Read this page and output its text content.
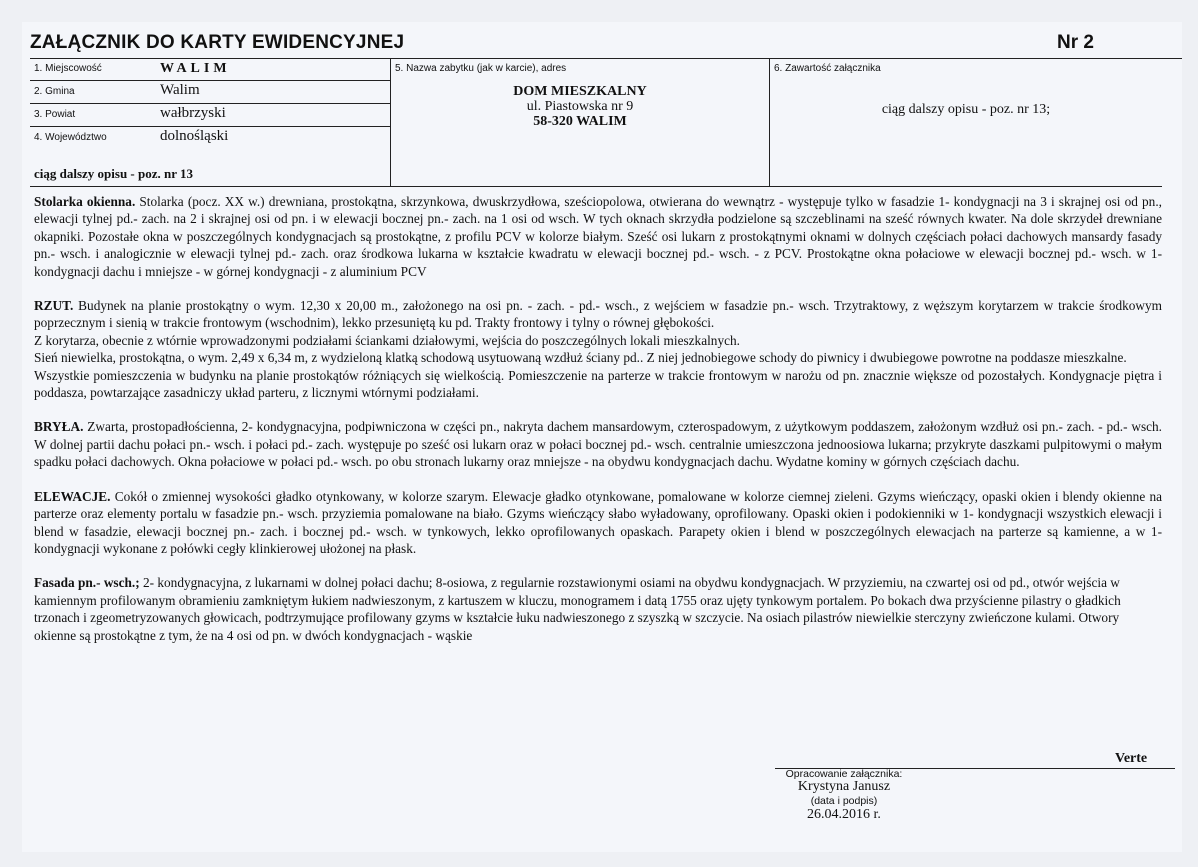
ZAŁĄCZNIK DO KARTY EWIDENCYJNEJ	Nr 2
1. Miejscowość	WALIM
2. Gmina	Walim
3. Powiat	wałbrzyski
4. Województwo	dolnośląski
5. Nazwa zabytku (jak w karcie), adres
DOM MIESZKALNY
ul. Piastowska nr 9
58-320 WALIM
6. Zawartość załącznika
ciąg dalszy opisu - poz. nr 13;
ciąg dalszy opisu - poz. nr 13

Stolarka okienna. Stolarka (pocz. XX w.) drewniana, prostokątna, skrzynkowa, dwuskrzydłowa, sześciopolowa, otwierana do wewnątrz - występuje tylko w fasadzie 1- kondygnacji na 3 i skrajnej osi od pn., elewacji tylnej pd.- zach. na 2 i skrajnej osi od pn. i w elewacji bocznej pn.- zach. na 1 osi od wsch. W tych oknach skrzydła podzielone są szczeblinami na sześć równych kwater. Na dole skrzydeł drewniane okapniki. Pozostałe okna w poszczególnych kondygnacjach są prostokątne, z profilu PCV w kolorze białym. Sześć osi lukarn z prostokątnymi oknami w dolnych częściach połaci dachowych mansardy fasady pn.- wsch. i analogicznie w elewacji tylnej pd.- zach. oraz środkowa lukarna w kształcie kwadratu w elewacji bocznej pd.- wsch. - z PCV. Prostokątne okna połaciowe w elewacji bocznej pd.- wsch. w 1- kondygnacji dachu i mniejsze - w górnej kondygnacji - z aluminium PCV

RZUT. Budynek na planie prostokątny o wym. 12,30 x 20,00 m., założonego na osi pn. - zach. - pd.- wsch., z wejściem w fasadzie pn.- wsch. Trzytraktowy, z węższym korytarzem w trakcie środkowym poprzecznym i sienią w trakcie frontowym (wschodnim), lekko przesuniętą ku pd. Trakty frontowy i tylny o równej głębokości.
Z korytarza, obecnie z wtórnie wprowadzonymi podziałami ściankami działowymi, wejścia do poszczególnych lokali mieszkalnych.
Sień niewielka, prostokątna, o wym. 2,49 x 6,34 m, z wydzieloną klatką schodową usytuowaną wzdłuż ściany pd.. Z niej jednobiegowe schody do piwnicy i dwubiegowe powrotne na poddasze mieszkalne.
Wszystkie pomieszczenia w budynku na planie prostokątów różniących się wielkością. Pomieszczenie na parterze w trakcie frontowym w narożu od pn. znacznie większe od pozostałych. Kondygnacje piętra i poddasza, powtarzające zasadniczy układ parteru, z licznymi wtórnymi podziałami.

BRYŁA. Zwarta, prostopadłościenna, 2- kondygnacyjna, podpiwniczona w części pn., nakryta dachem mansardowym, czterospadowym, z użytkowym poddaszem, założonym wzdłuż osi pn.- zach. - pd.- wsch. W dolnej partii dachu połaci pn.- wsch. i połaci pd.- zach. występuje po sześć osi lukarn oraz w połaci bocznej pd.- wsch. centralnie umieszczona jednoosiowa lukarna; przykryte daszkami pulpitowymi o małym spadku połaci dachowych. Okna połaciowe w połaci pd.- wsch. po obu stronach lukarny oraz mniejsze - na obydwu kondygnacjach dachu. Wydatne kominy w górnych częściach dachu.

ELEWACJE. Cokół o zmiennej wysokości gładko otynkowany, w kolorze szarym. Elewacje gładko otynkowane, pomalowane w kolorze ciemnej zieleni. Gzyms wieńczący, opaski okien i blendy okienne na parterze oraz elementy portalu w fasadzie pn.- wsch. przyziemia pomalowane na biało. Gzyms wieńczący słabo wyładowany, oprofilowany. Opaski okien i podokienniki w 1- kondygnacji wszystkich elewacji i blend w fasadzie, elewacji bocznej pn.- zach. i bocznej pd.- wsch. w tynkowych, lekko oprofilowanych opaskach. Parapety okien i blend w poszczególnych elewacjach na parterze są kamienne, a w 1- kondygnacji wykonane z połówki cegły klinkierowej ułożonej na płask.

Fasada pn.- wsch.; 2- kondygnacyjna, z lukarnami w dolnej połaci dachu; 8-osiowa, z regularnie rozstawionymi osiami na obydwu kondygnacjach. W przyziemiu, na czwartej osi od pd., otwór wejścia w kamiennym profilowanym obramieniu zamkniętym łukiem nadwieszonym, z kartuszem w kluczu, monogramem i datą 1755 oraz ujęty tynkowym portalem. Po bokach dwa przyścienne pilastry o gładkich trzonach i zgeometryzowanych głowicach, podtrzymujące profilowany gzyms w kształcie łuku nadwieszonego z szyszką w szczycie. Na osiach pilastrów niewielkie sterczyny zwieńczone kulami. Otwory okienne są prostokątne z tym, że na 4 osi od pn. w dwóch kondygnacjach - wąskie

Verte
Opracowanie załącznika:
Krystyna Janusz
(data i podpis)
26.04.2016 r.
